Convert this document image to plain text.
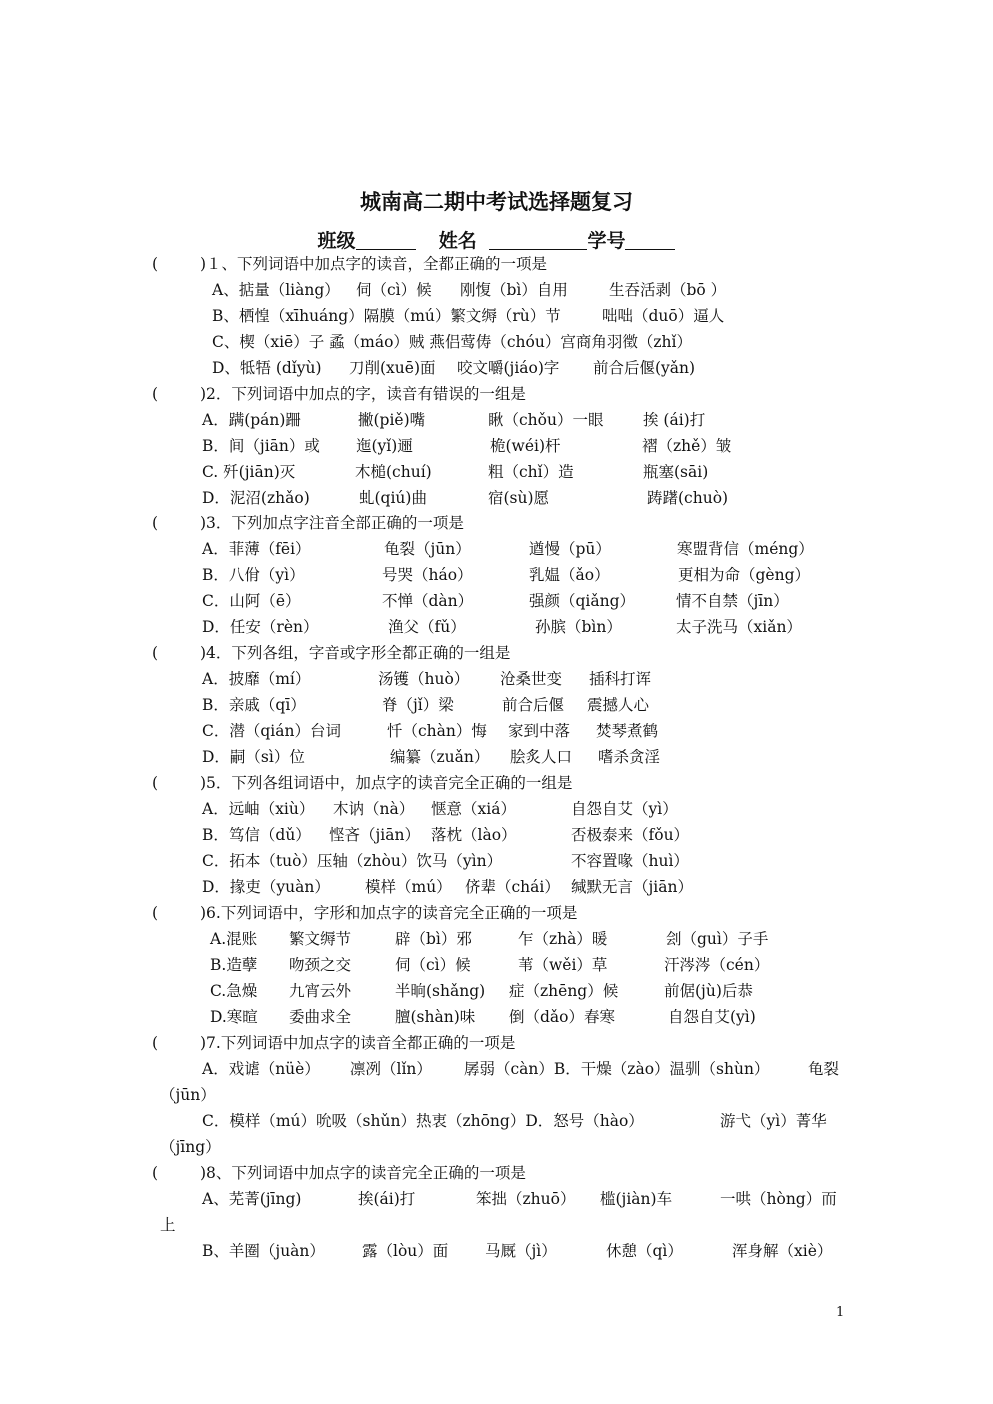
城南高二期中考试选择题复习
班级	姓名	学号
(	)１、下列词语中加点字的读音，全都正确的一项是
A、掂量（liàng） 伺（cì）候 刚愎（bì）自用	生吞活剥（bō ）
B、栖惶（xīhuáng）隔膜（mú）繁文缛（rù）节	咄咄（duō）逼人
C、楔（xiē）子 蟊（máo）贼 燕侣莺俦（chóu）宫商角羽徵（zhǐ）
D、牴牾 (dǐyù) 刀削(xuē)面 咬文嚼(jiáo)字 前合后偃(yǎn)
(	)2．下列词语中加点的字，读音有错误的一组是
A．蹒(pán)跚	撇(piě)嘴	瞅（chǒu）一眼	挨 (ái)打
B．间（jiān）或 迤(yǐ)逦	桅(wéi)杆	褶（zhě）皱
C. 歼(jiān)灭	木槌(chuí)	粗（chǐ）造	瓶塞(sāi)
D．泥沼(zhǎo)	虬(qiú)曲	宿(sù)愿	踌躇(chuò)
(	)3．下列加点字注音全部正确的一项是
A．菲薄（fēi）	龟裂（jūn）	遒慢（pū）	寒盟背信（méng）
B．八佾（yì）	号哭（háo）	乳媪（ǎo）	更相为命（gèng）
C．山阿（ē）	不惮（dàn）	强颜（qiǎng）	情不自禁（jīn）
D．任安（rèn）	渔父（fǔ）	孙膑（bìn）	太子洗马（xiǎn）
(	)4．下列各组，字音或字形全都正确的一组是
A．披靡（mí）	汤镬（huò） 沧桑世变 插科打诨
B．亲戚（qī）	脊（jǐ）梁	前合后偃 震撼人心
C．潜（qián）台词	忏（chàn）悔 家到中落 焚琴煮鹤
D．嗣（sì）位	编纂（zuǎn） 脍炙人口 嗜杀贪淫
(	)5．下列各组词语中，加点字的读音完全正确的一组是
A．远岫（xiù） 木讷（nà） 惬意（xiá）	自怨自艾（yì）
B．笃信（dǔ） 悭吝（jiān） 落枕（lào）	否极泰来（fǒu）
C．拓本（tuò）压轴（zhòu）饮马（yìn）	不容置喙（huì）
D．掾吏（yuàn） 模样（mú） 侪辈（chái） 缄默无言（jiān）
(	)6.下列词语中，字形和加点字的读音完全正确的一项是
A.混账 繁文缛节	辟（bì）邪	乍（zhà）暖	刽（guì）子手
B.造孽 吻颈之交	伺（cì）候	苇（wěi）草	汗涔涔（cén）
C.急燥 九宵云外	半晌(shǎng) 症（zhēng）候	前倨(jù)后恭
D.寒暄 委曲求全	膻(shàn)味 倒（dǎo）春寒	自怨自艾(yì)
(	)7.下列词语中加点字的读音全都正确的一项是
A．戏谑（nüè） 凛冽（lǐn） 孱弱（càn）B．干燥（zào）温驯（shùn） 龟裂
（jūn）
C．模样（mú）吮吸（shǔn）热衷（zhōng）D．怒号（hào）	游弋（yì）菁华
（jīng）
(	)8、下列词语中加点字的读音完全正确的一项是
A、芜菁(jīng)	挨(ái)打	笨拙（zhuō） 槛(jiàn)车	一哄（hòng）而
上
B、羊圈（juàn） 露（lòu）面 马厩（jì）	休憩（qì）	浑身解（xiè）
1
